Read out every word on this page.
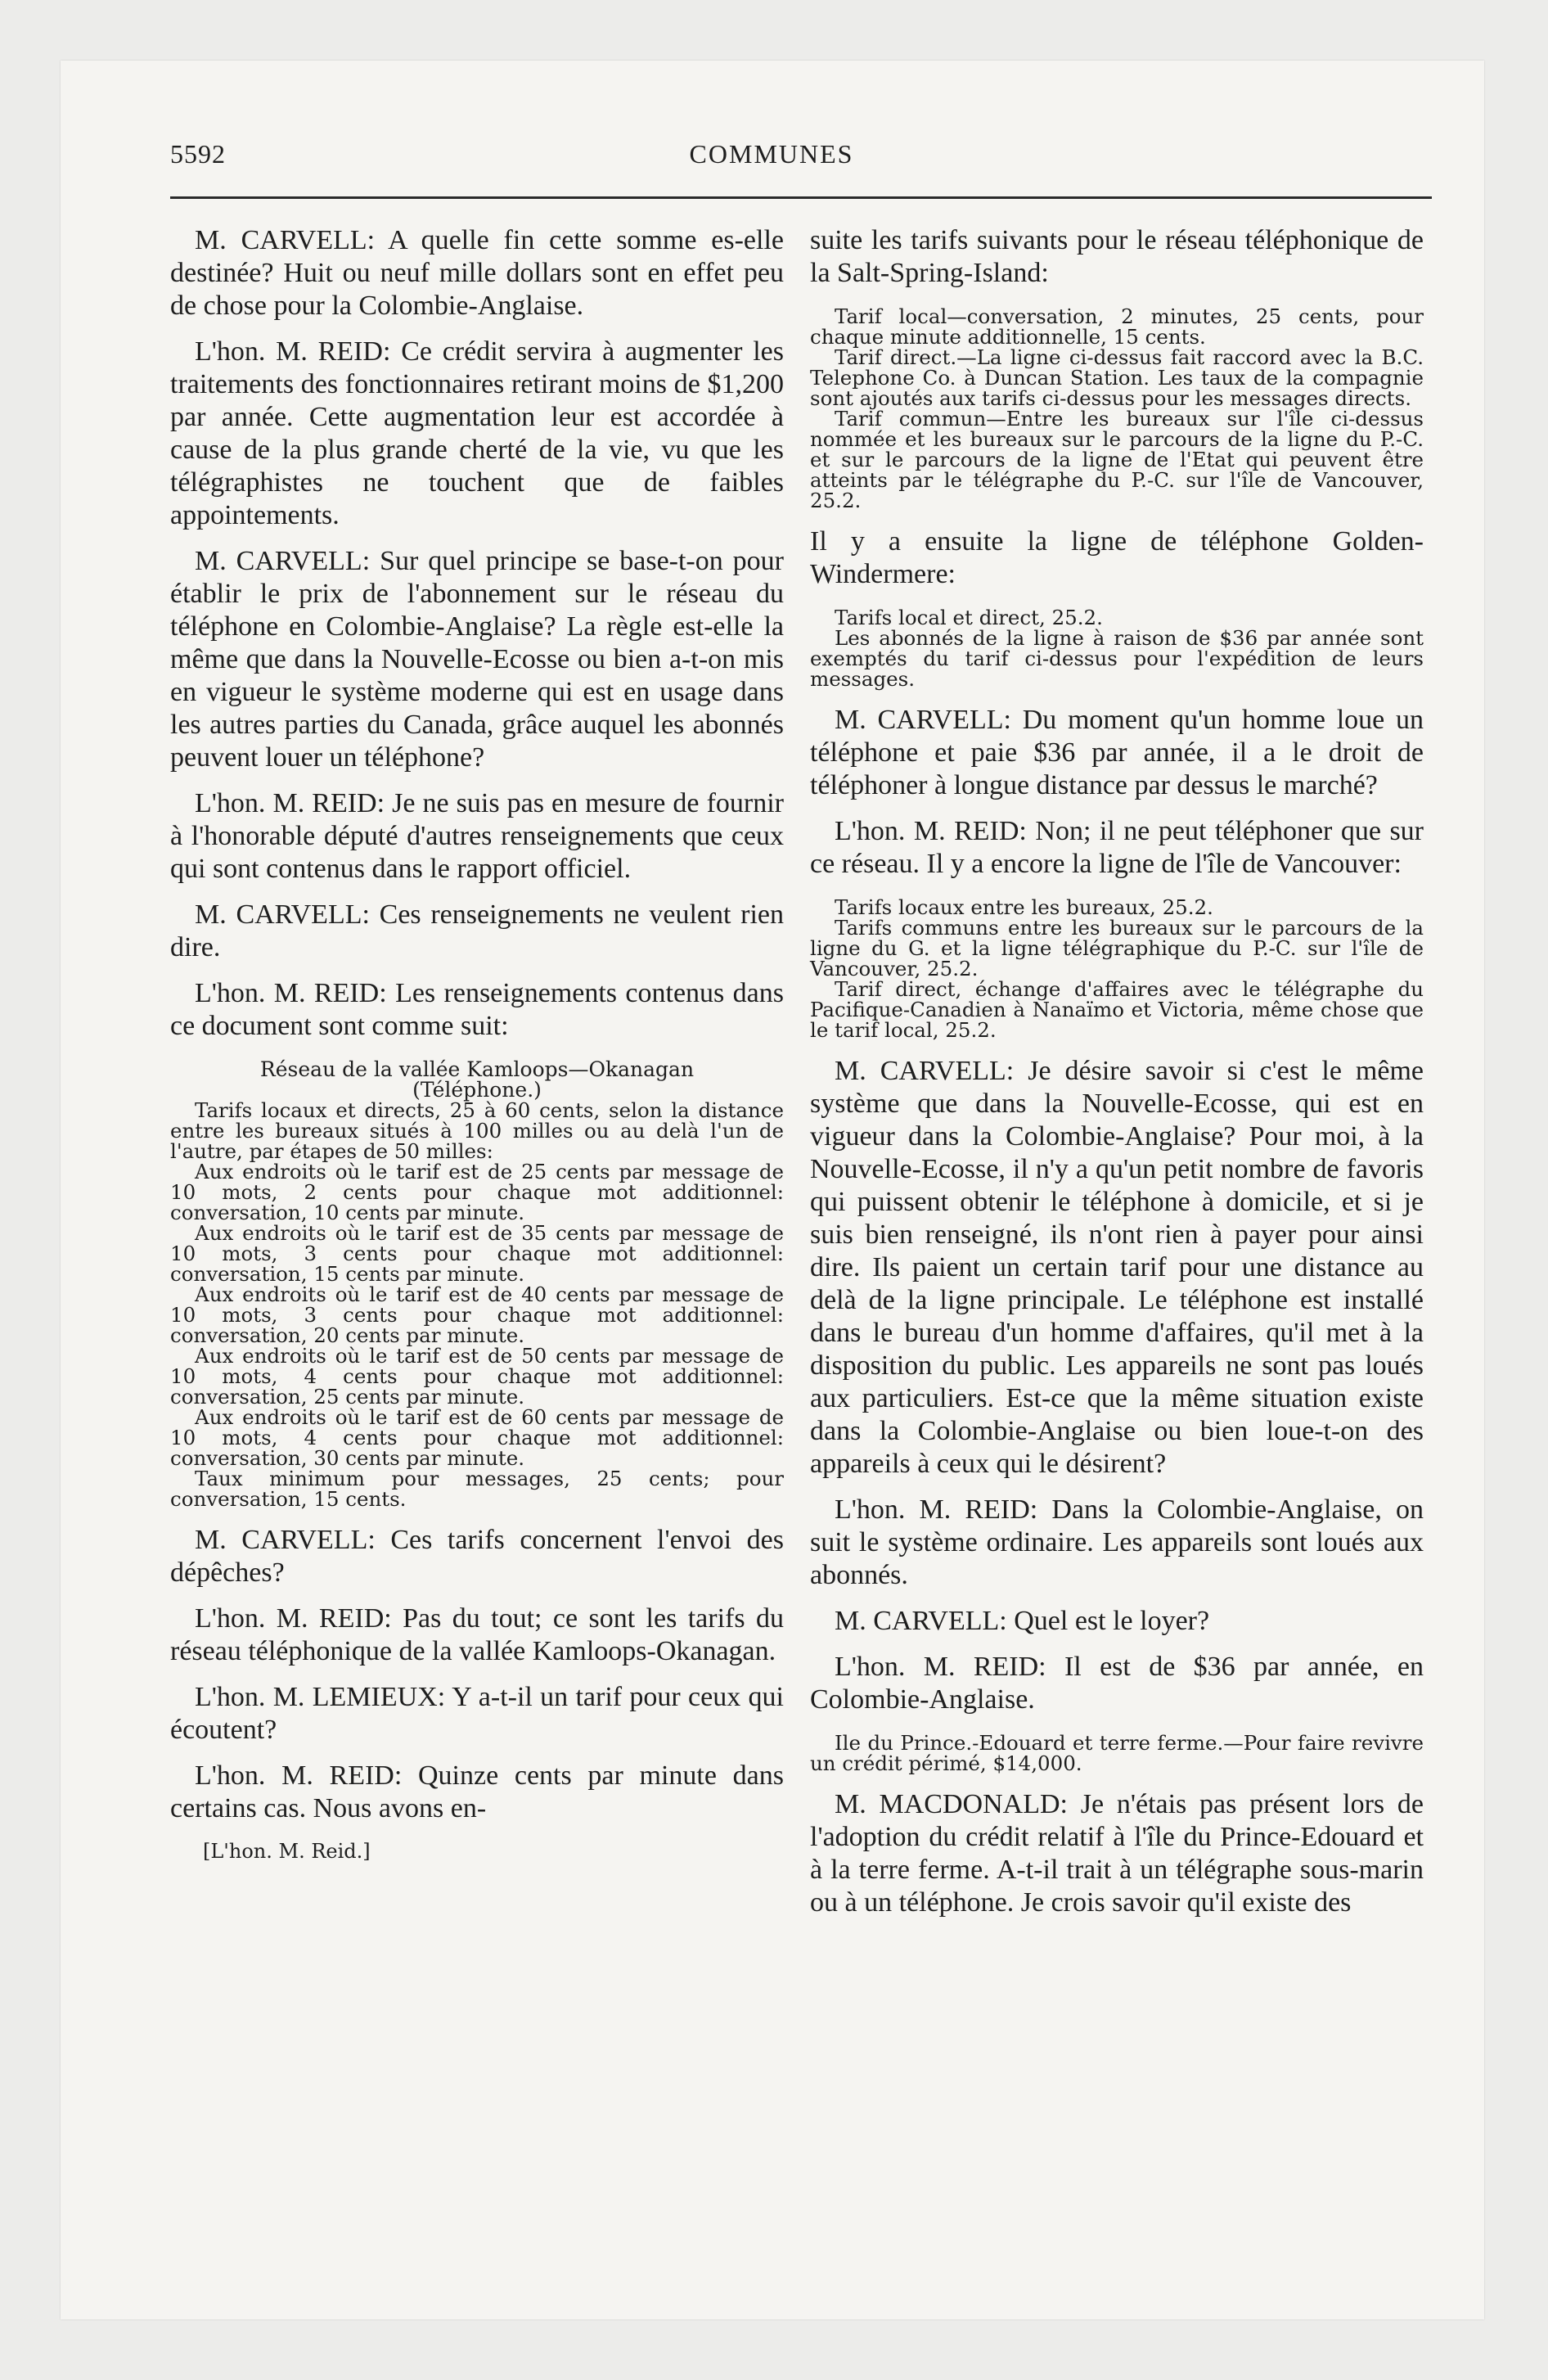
5592	COMMUNES

M. CARVELL: A quelle fin cette somme es-elle destinée? Huit ou neuf mille dollars sont en effet peu de chose pour la Colombie-Anglaise.

L'hon. M. REID: Ce crédit servira à augmenter les traitements des fonctionnaires retirant moins de $1,200 par année. Cette augmentation leur est accordée à cause de la plus grande cherté de la vie, vu que les télégraphistes ne touchent que de faibles appointements.

M. CARVELL: Sur quel principe se base-t-on pour établir le prix de l'abonnement sur le réseau du téléphone en Colombie-Anglaise? La règle est-elle la même que dans la Nouvelle-Ecosse ou bien a-t-on mis en vigueur le système moderne qui est en usage dans les autres parties du Canada, grâce auquel les abonnés peuvent louer un téléphone?

L'hon. M. REID: Je ne suis pas en mesure de fournir à l'honorable député d'autres renseignements que ceux qui sont contenus dans le rapport officiel.

M. CARVELL: Ces renseignements ne veulent rien dire.

L'hon. M. REID: Les renseignements contenus dans ce document sont comme suit:

Réseau de la vallée Kamloops—Okanagan

(Téléphone.)

Tarifs locaux et directs, 25 à 60 cents, selon la distance entre les bureaux situés à 100 milles ou au delà l'un de l'autre, par étapes de 50 milles:

Aux endroits où le tarif est de 25 cents par message de 10 mots, 2 cents pour chaque mot additionnel: conversation, 10 cents par minute.

Aux endroits où le tarif est de 35 cents par message de 10 mots, 3 cents pour chaque mot additionnel: conversation, 15 cents par minute.

Aux endroits où le tarif est de 40 cents par message de 10 mots, 3 cents pour chaque mot additionnel: conversation, 20 cents par minute.

Aux endroits où le tarif est de 50 cents par message de 10 mots, 4 cents pour chaque mot additionnel: conversation, 25 cents par minute.

Aux endroits où le tarif est de 60 cents par message de 10 mots, 4 cents pour chaque mot additionnel: conversation, 30 cents par minute.

Taux minimum pour messages, 25 cents; pour conversation, 15 cents.

M. CARVELL: Ces tarifs concernent l'envoi des dépêches?

L'hon. M. REID: Pas du tout; ce sont les tarifs du réseau téléphonique de la vallée Kamloops-Okanagan.

L'hon. M. LEMIEUX: Y a-t-il un tarif pour ceux qui écoutent?

L'hon. M. REID: Quinze cents par minute dans certains cas. Nous avons en-

[L'hon. M. Reid.]

suite les tarifs suivants pour le réseau téléphonique de la Salt-Spring-Island:

Tarif local—conversation, 2 minutes, 25 cents, pour chaque minute additionnelle, 15 cents.

Tarif direct.—La ligne ci-dessus fait raccord avec la B.C. Telephone Co. à Duncan Station. Les taux de la compagnie sont ajoutés aux tarifs ci-dessus pour les messages directs.

Tarif commun—Entre les bureaux sur l'île ci-dessus nommée et les bureaux sur le parcours de la ligne du P.-C. et sur le parcours de la ligne de l'Etat qui peuvent être atteints par le télégraphe du P.-C. sur l'île de Vancouver, 25.2.

Il y a ensuite la ligne de téléphone Golden-Windermere:

Tarifs local et direct, 25.2.

Les abonnés de la ligne à raison de $36 par année sont exemptés du tarif ci-dessus pour l'expédition de leurs messages.

M. CARVELL: Du moment qu'un homme loue un téléphone et paie $36 par année, il a le droit de téléphoner à longue distance par dessus le marché?

L'hon. M. REID: Non; il ne peut téléphoner que sur ce réseau. Il y a encore la ligne de l'île de Vancouver:

Tarifs locaux entre les bureaux, 25.2.

Tarifs communs entre les bureaux sur le parcours de la ligne du G. et la ligne télégraphique du P.-C. sur l'île de Vancouver, 25.2.

Tarif direct, échange d'affaires avec le télégraphe du Pacifique-Canadien à Nanaïmo et Victoria, même chose que le tarif local, 25.2.

M. CARVELL: Je désire savoir si c'est le même système que dans la Nouvelle-Ecosse, qui est en vigueur dans la Colombie-Anglaise? Pour moi, à la Nouvelle-Ecosse, il n'y a qu'un petit nombre de favoris qui puissent obtenir le téléphone à domicile, et si je suis bien renseigné, ils n'ont rien à payer pour ainsi dire. Ils paient un certain tarif pour une distance au delà de la ligne principale. Le téléphone est installé dans le bureau d'un homme d'affaires, qu'il met à la disposition du public. Les appareils ne sont pas loués aux particuliers. Est-ce que la même situation existe dans la Colombie-Anglaise ou bien loue-t-on des appareils à ceux qui le désirent?

L'hon. M. REID: Dans la Colombie-Anglaise, on suit le système ordinaire. Les appareils sont loués aux abonnés.

M. CARVELL: Quel est le loyer?

L'hon. M. REID: Il est de $36 par année, en Colombie-Anglaise.

Ile du Prince.-Edouard et terre ferme.—Pour faire revivre un crédit périmé, $14,000.

M. MACDONALD: Je n'étais pas présent lors de l'adoption du crédit relatif à l'île du Prince-Edouard et à la terre ferme. A-t-il trait à un télégraphe sous-marin ou à un téléphone. Je crois savoir qu'il existe des
